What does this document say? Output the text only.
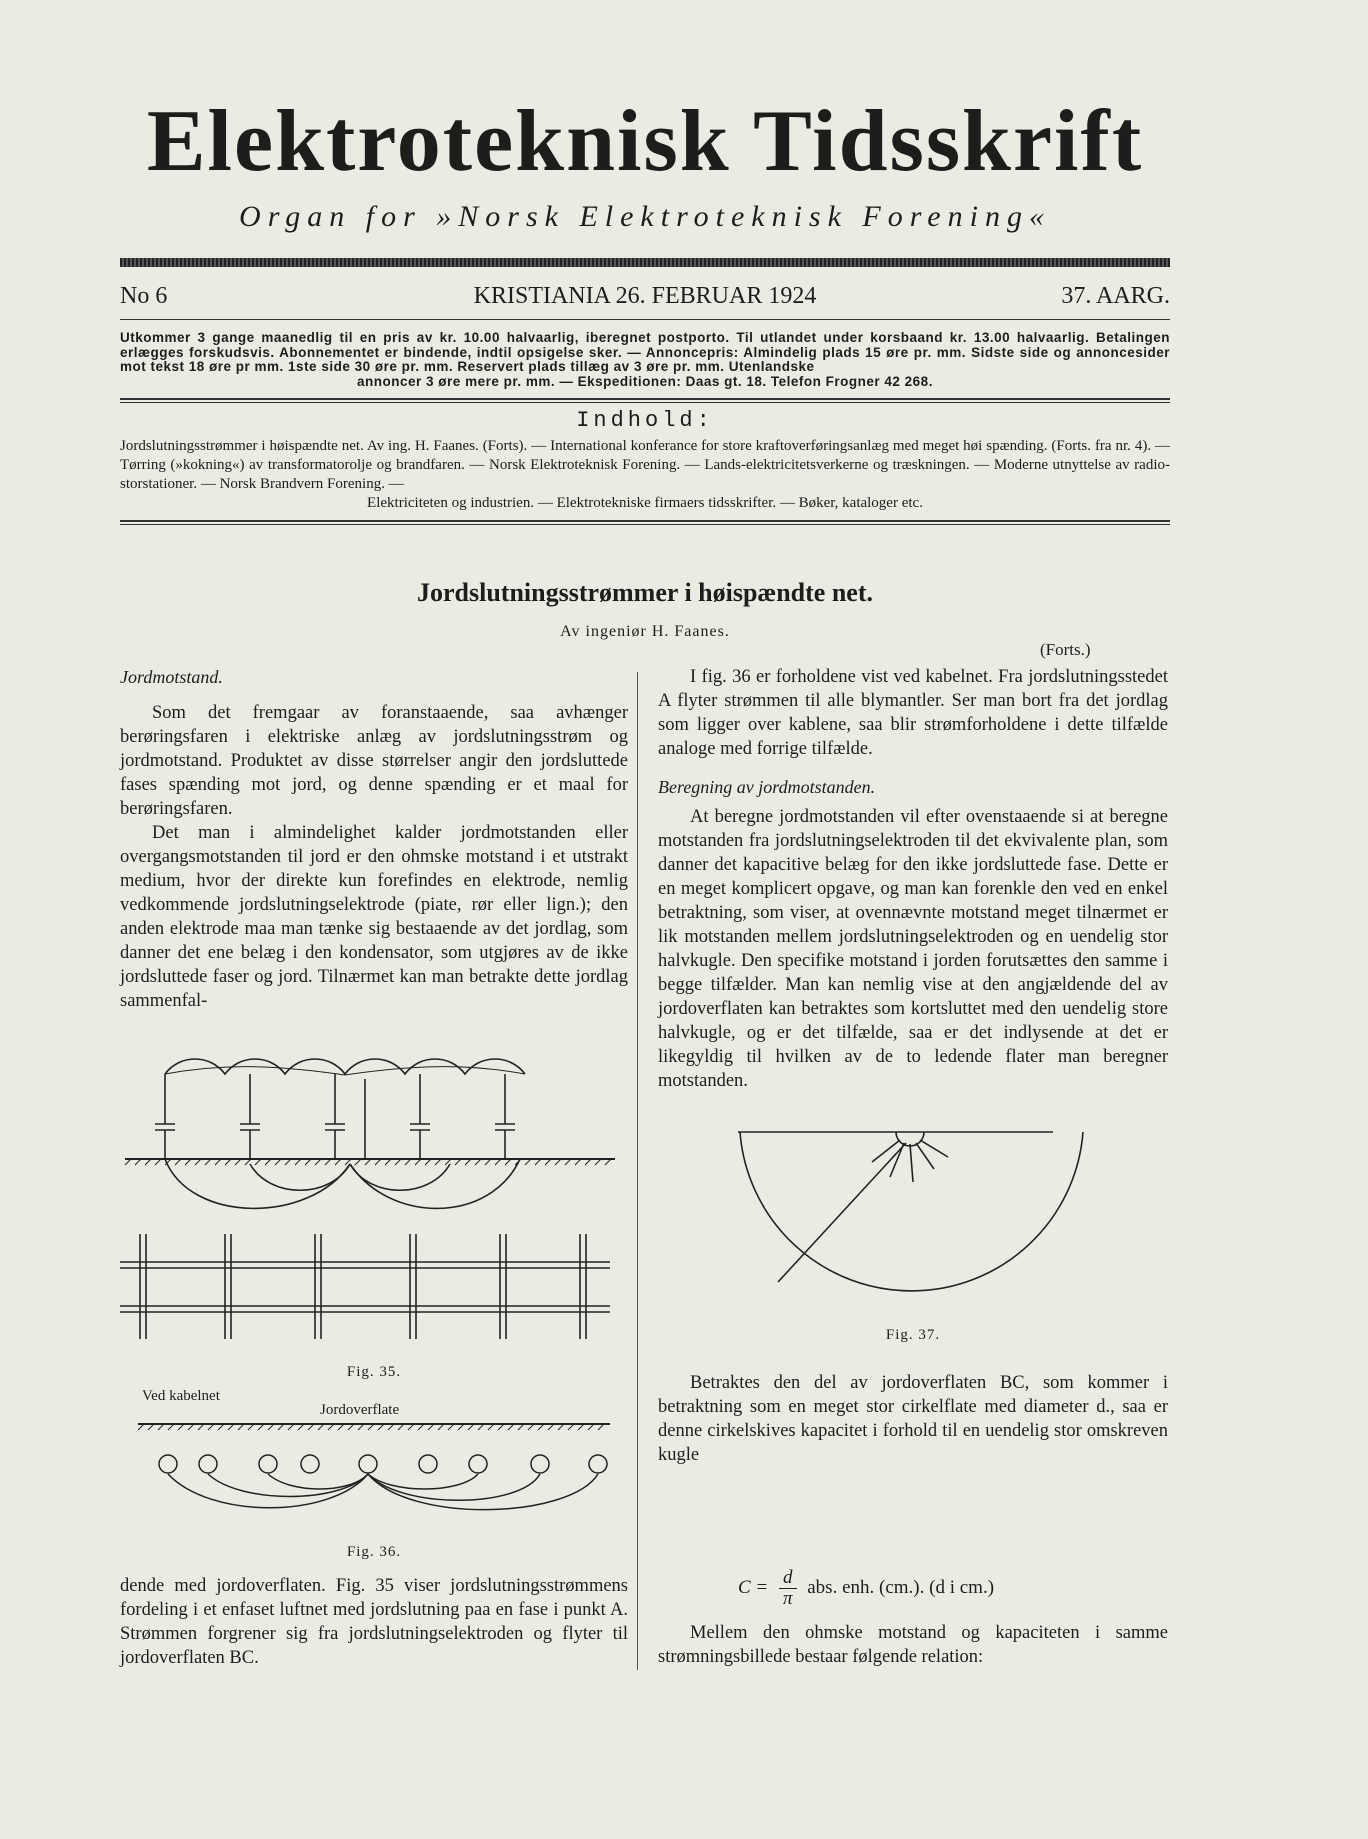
Elektroteknisk Tidsskrift
Organ for »Norsk Elektroteknisk Forening«
No 6	KRISTIANIA 26. FEBRUAR 1924	37. AARG.
Utkommer 3 gange maanedlig til en pris av kr. 10.00 halvaarlig, iberegnet postporto. Til utlandet under korsbaand kr. 13.00 halvaarlig. Betalingen erlægges forskudsvis. Abonnementet er bindende, indtil opsigelse sker. — Annoncepris: Almindelig plads 15 øre pr. mm. Sidste side og annoncesider mot tekst 18 øre pr mm. 1ste side 30 øre pr. mm. Reservert plads tillæg av 3 øre pr. mm. Utenlandske
annoncer 3 øre mere pr. mm. — Ekspeditionen: Daas gt. 18. Telefon Frogner 42 268.
Indhold:
Jordslutningsstrømmer i høispændte net. Av ing. H. Faanes. (Forts). — International konferance for store kraftoverføringsanlæg med meget høi spænding. (Forts. fra nr. 4). — Tørring (»kokning«) av transformatorolje og brandfaren. — Norsk Elektroteknisk Forening. — Lands-elektricitetsverkerne og træskningen. — Moderne utnyttelse av radio-storstationer. — Norsk Brandvern Forening. —
Elektriciteten og industrien. — Elektrotekniske firmaers tidsskrifter. — Bøker, kataloger etc.
Jordslutningsstrømmer i høispændte net.
Av ingeniør H. Faanes.
(Forts.)
Jordmotstand.

Som det fremgaar av foranstaaende, saa avhænger berøringsfaren i elektriske anlæg av jordslutningsstrøm og jordmotstand. Produktet av disse størrelser angir den jordsluttede fases spænding mot jord, og denne spænding er et maal for berøringsfaren.

Det man i almindelighet kalder jordmotstanden eller overgangsmotstanden til jord er den ohmske motstand i et utstrakt medium, hvor der direkte kun forefindes en elektrode, nemlig vedkommende jordslutningselektrode (piate, rør eller lign.); den anden elektrode maa man tænke sig bestaaende av det jordlag, som danner det ene belæg i den kondensator, som utgjøres av de ikke jordsluttede faser og jord. Tilnærmet kan man betrakte dette jordlag sammenfal-

Fig. 35.
Ved kabelnet
Jordoverflate
Fig. 36.

dende med jordoverflaten. Fig. 35 viser jordslutningsstrømmens fordeling i et enfaset luftnet med jordslutning paa en fase i punkt A. Strømmen forgrener sig fra jordslutningselektroden og flyter til jordoverflaten BC.

I fig. 36 er forholdene vist ved kabelnet. Fra jordslutningsstedet A flyter strømmen til alle blymantler. Ser man bort fra det jordlag som ligger over kablene, saa blir strømforholdene i dette tilfælde analoge med forrige tilfælde.

Beregning av jordmotstanden.

At beregne jordmotstanden vil efter ovenstaaende si at beregne motstanden fra jordslutningselektroden til det ekvivalente plan, som danner det kapacitive belæg for den ikke jordsluttede fase. Dette er en meget komplicert opgave, og man kan forenkle den ved en enkel betraktning, som viser, at ovennævnte motstand meget tilnærmet er lik motstanden mellem jordslutningselektroden og en uendelig stor halvkugle. Den specifike motstand i jorden forutsættes den samme i begge tilfælder. Man kan nemlig vise at den angjældende del av jordoverflaten kan betraktes som kortsluttet med den uendelig store halvkugle, og er det tilfælde, saa er det indlysende at det er likegyldig til hvilken av de to ledende flater man beregner motstanden.

Fig. 37.

Betraktes den del av jordoverflaten BC, som kommer i betraktning som en meget stor cirkelflate med diameter d., saa er denne cirkelskives kapacitet i forhold til en uendelig stor omskreven kugle

$C = \frac{d}{\pi}$ abs. enh. (cm.). (d i cm.)

Mellem den ohmske motstand og kapaciteten i samme strømningsbillede bestaar følgende relation:
